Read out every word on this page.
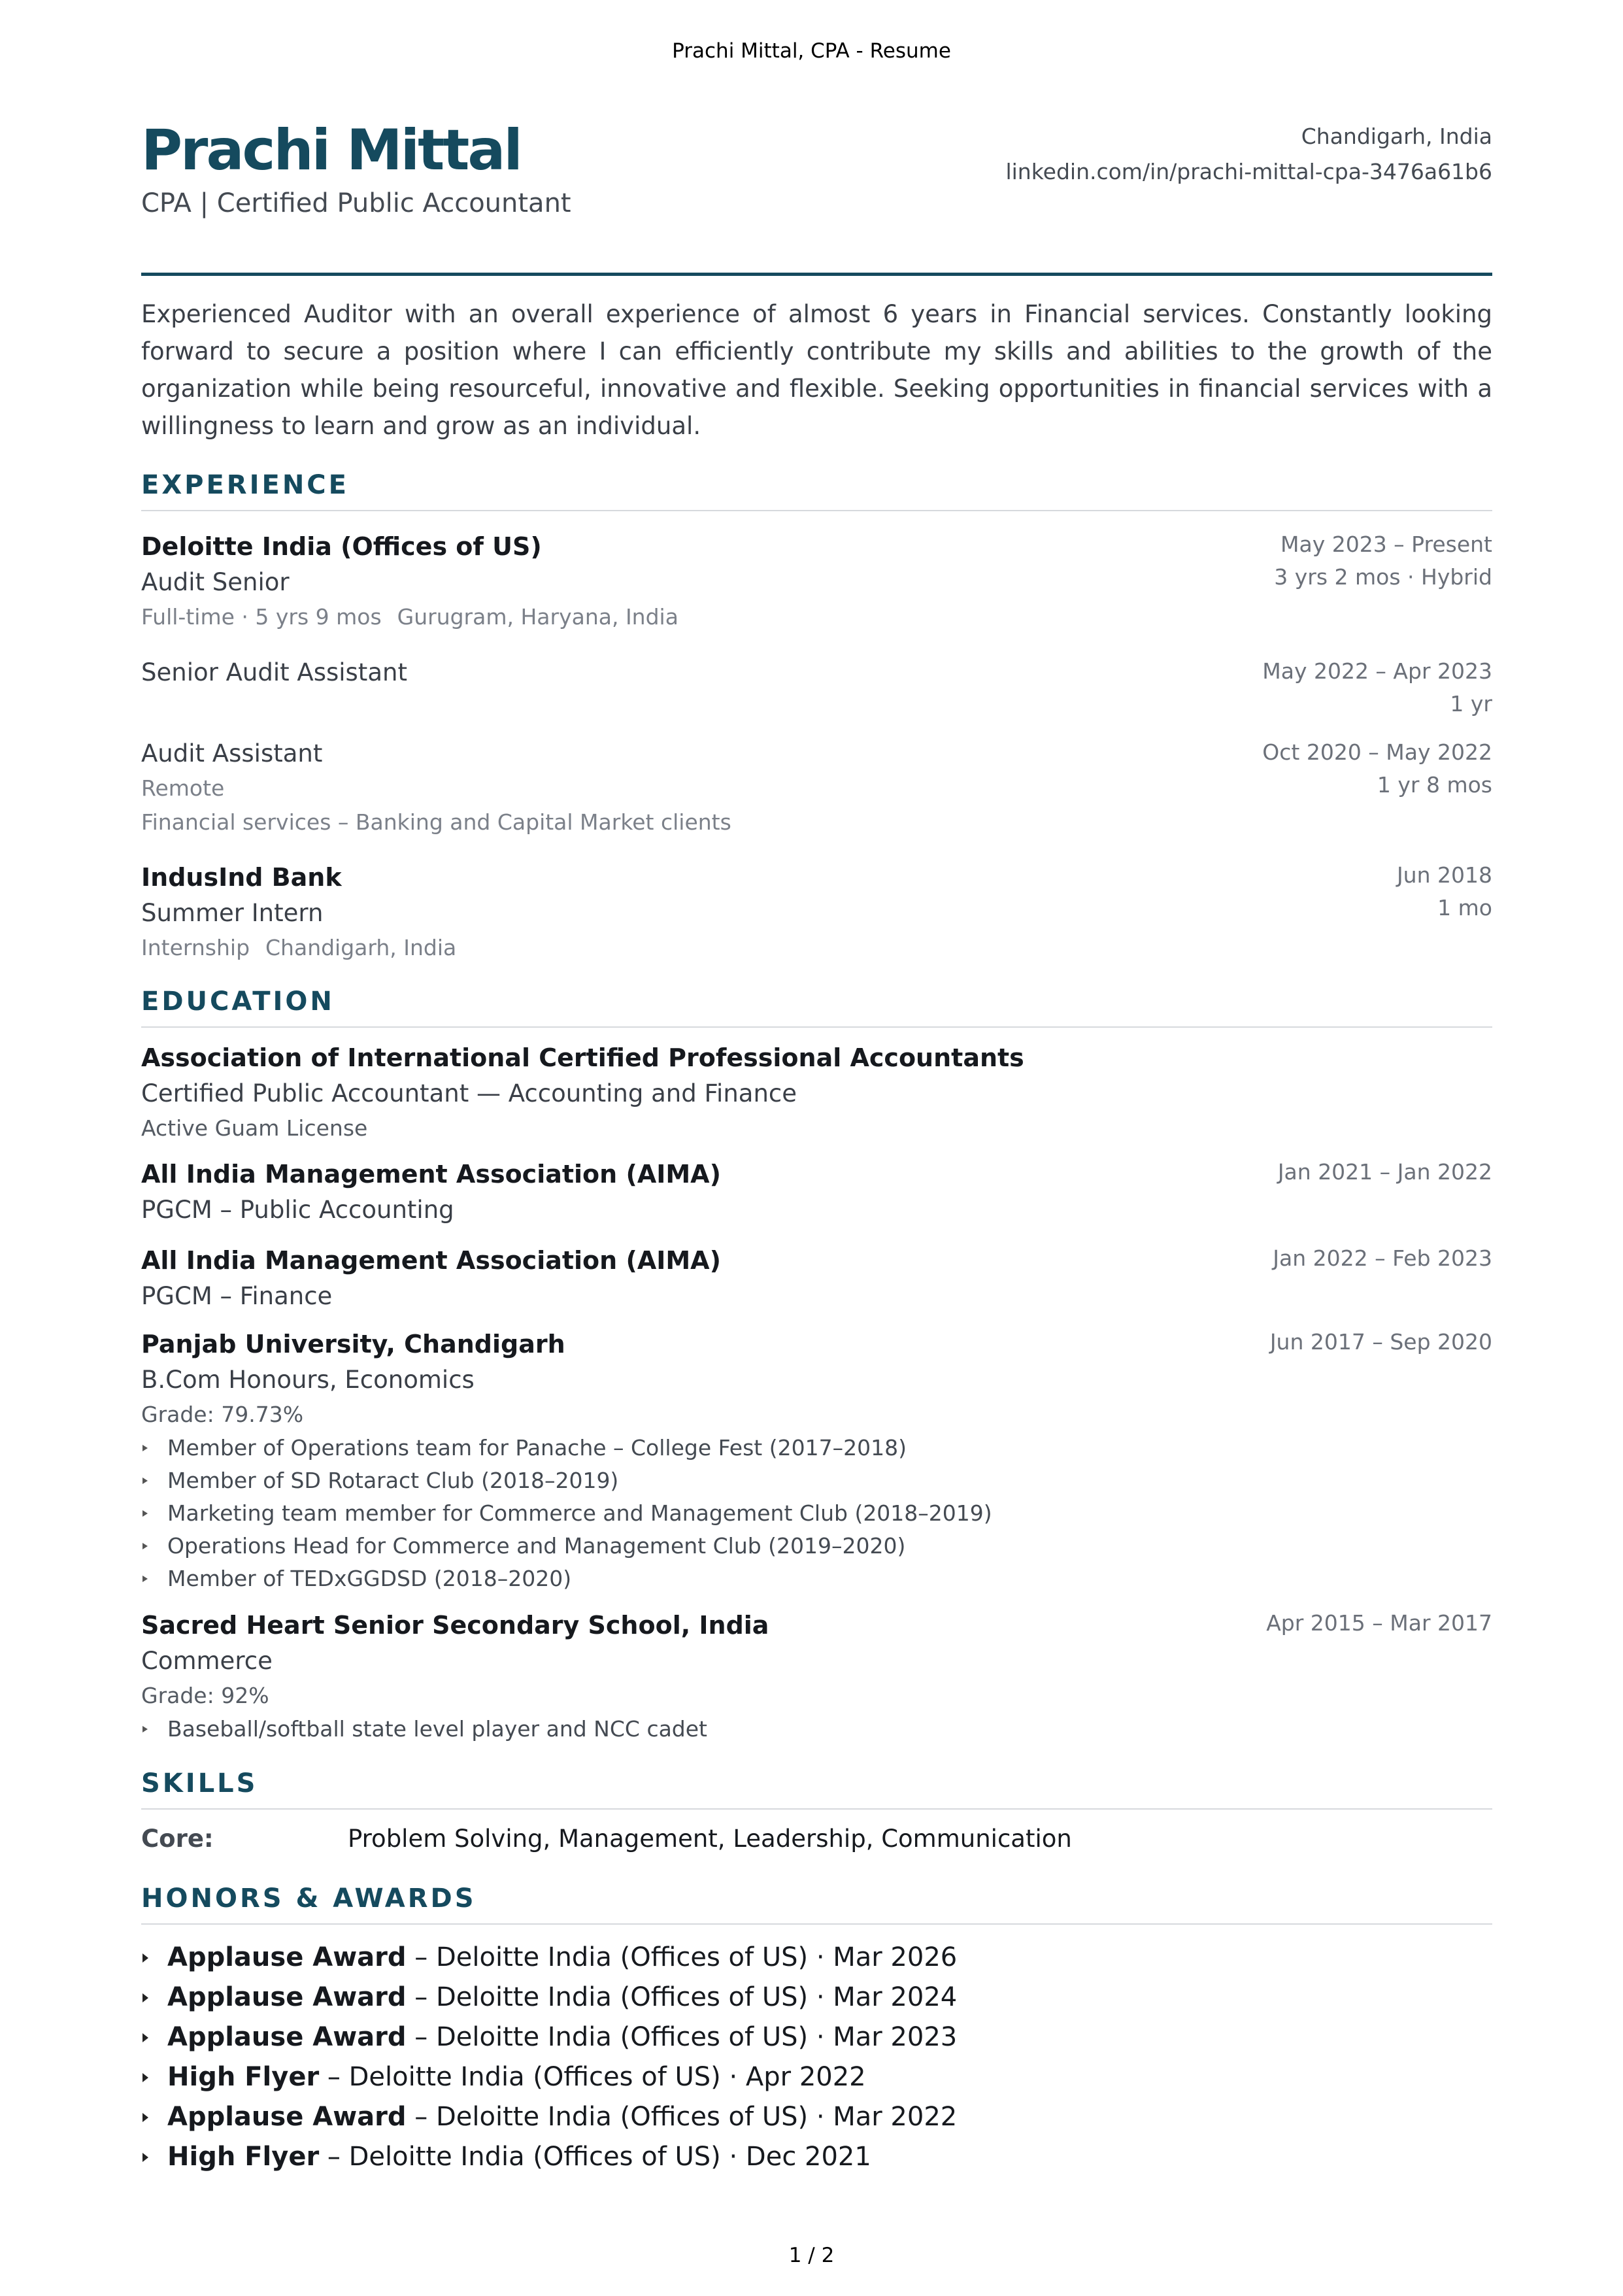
Prachi Mittal, CPA - Resume
Prachi Mittal
CPA | Certified Public Accountant
Chandigarh, India
linkedin.com/in/prachi-mittal-cpa-3476a61b6
Experienced Auditor with an overall experience of almost 6 years in Financial services. Constantly looking forward to secure a position where I can efficiently contribute my skills and abilities to the growth of the organization while being resourceful, innovative and flexible. Seeking opportunities in financial services with a willingness to learn and grow as an individual.
EXPERIENCE
Deloitte India (Offices of US)
Audit Senior
Full-time · 5 yrs 9 mos Gurugram, Haryana, India
May 2023 – Present
3 yrs 2 mos · Hybrid
Senior Audit Assistant	May 2022 – Apr 2023
1 yr
Audit Assistant
Remote
Financial services – Banking and Capital Market clients
Oct 2020 – May 2022
1 yr 8 mos
IndusInd Bank
Summer Intern
Internship Chandigarh, India
Jun 2018
1 mo
EDUCATION
Association of International Certified Professional Accountants
Certified Public Accountant — Accounting and Finance
Active Guam License
All India Management Association (AIMA)
PGCM – Public Accounting
Jan 2021 – Jan 2022
All India Management Association (AIMA)
PGCM – Finance
Jan 2022 – Feb 2023
Panjab University, Chandigarh
B.Com Honours, Economics
Grade: 79.73%
Member of Operations team for Panache – College Fest (2017–2018)
Member of SD Rotaract Club (2018–2019)
Marketing team member for Commerce and Management Club (2018–2019)
Operations Head for Commerce and Management Club (2019–2020)
Member of TEDxGGDSD (2018–2020)
Jun 2017 – Sep 2020
Sacred Heart Senior Secondary School, India
Commerce
Grade: 92%
Baseball/softball state level player and NCC cadet
Apr 2015 – Mar 2017
SKILLS
Core:	Problem Solving, Management, Leadership, Communication
HONORS & AWARDS
Applause Award – Deloitte India (Offices of US) · Mar 2026
Applause Award – Deloitte India (Offices of US) · Mar 2024
Applause Award – Deloitte India (Offices of US) · Mar 2023
High Flyer – Deloitte India (Offices of US) · Apr 2022
Applause Award – Deloitte India (Offices of US) · Mar 2022
High Flyer – Deloitte India (Offices of US) · Dec 2021
1 / 2
